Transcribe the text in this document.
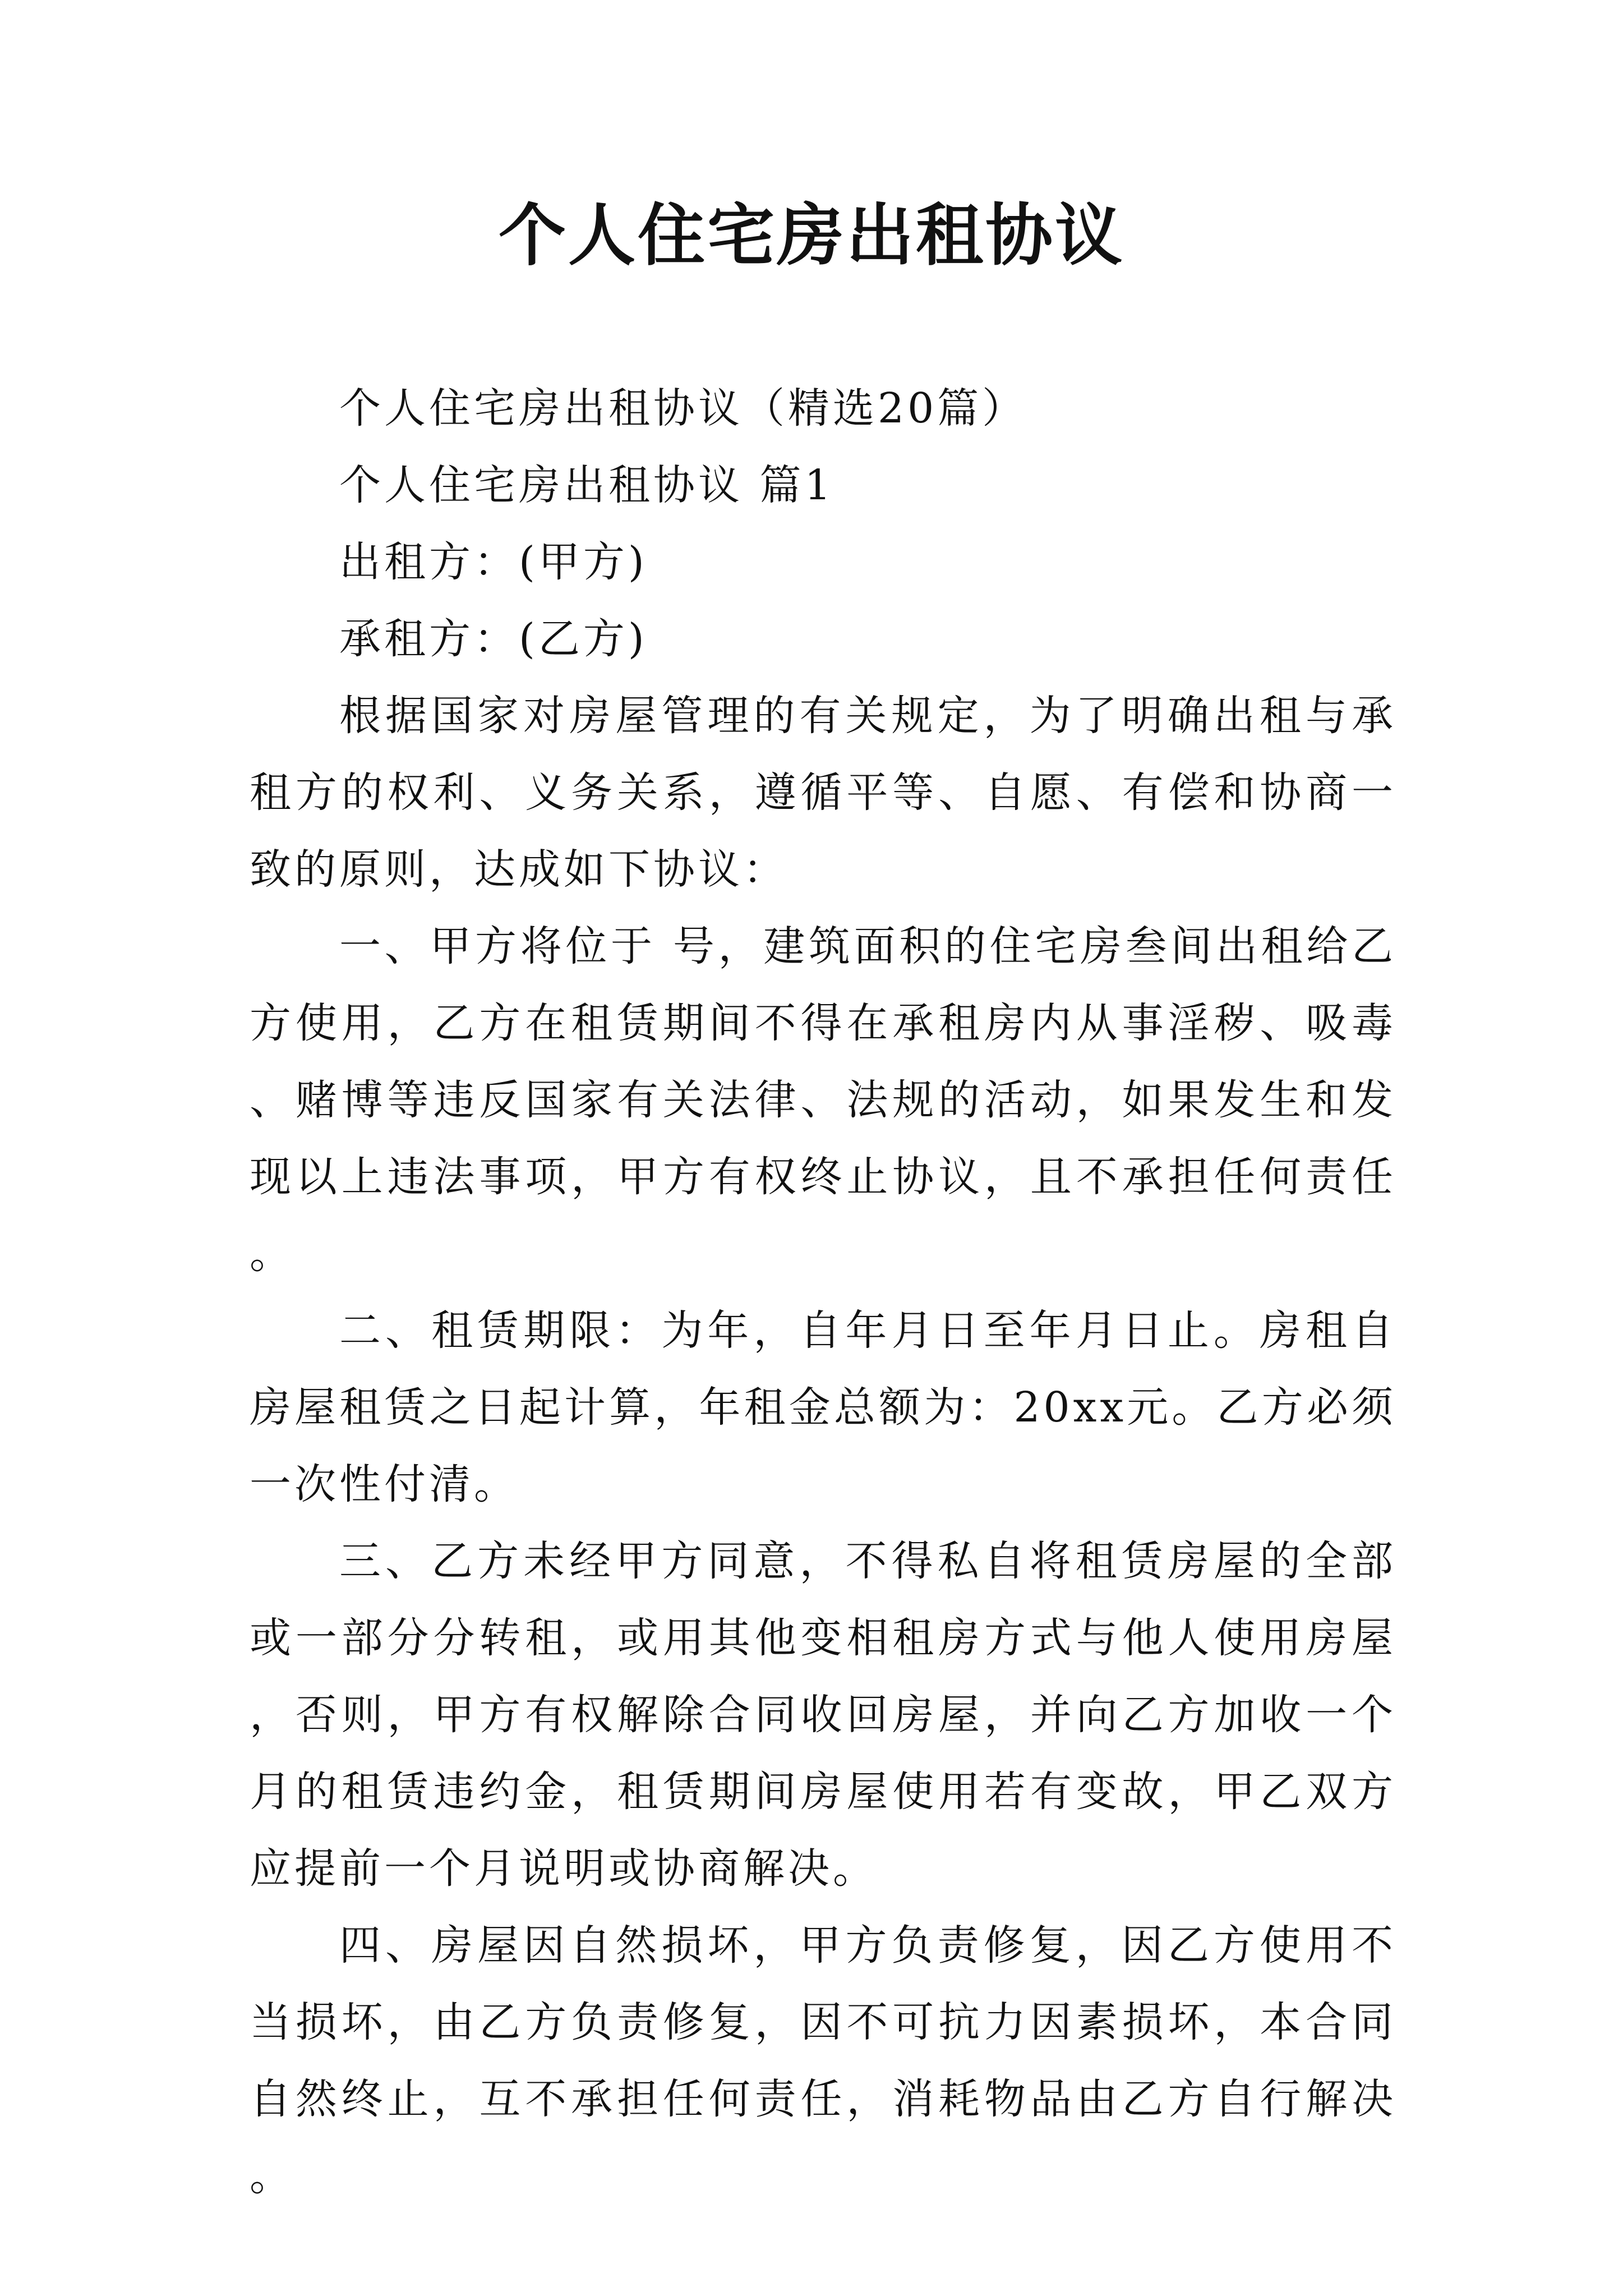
个人住宅房出租协议

个人住宅房出租协议（精选20篇）

个人住宅房出租协议 篇1

出租方：(甲方)

承租方：(乙方)

根据国家对房屋管理的有关规定，为了明确出租与承租方的权利、义务关系，遵循平等、自愿、有偿和协商一致的原则，达成如下协议：

一、甲方将位于 号，建筑面积的住宅房叁间出租给乙方使用，乙方在租赁期间不得在承租房内从事淫秽、吸毒、赌博等违反国家有关法律、法规的活动，如果发生和发现以上违法事项，甲方有权终止协议，且不承担任何责任。

二、租赁期限：为年，自年月日至年月日止。房租自房屋租赁之日起计算，年租金总额为：20xx元。乙方必须一次性付清。

三、乙方未经甲方同意，不得私自将租赁房屋的全部或一部分分转租，或用其他变相租房方式与他人使用房屋，否则，甲方有权解除合同收回房屋，并向乙方加收一个月的租赁违约金，租赁期间房屋使用若有变故，甲乙双方应提前一个月说明或协商解决。

四、房屋因自然损坏，甲方负责修复，因乙方使用不当损坏，由乙方负责修复，因不可抗力因素损坏，本合同自然终止，互不承担任何责任，消耗物品由乙方自行解决。
